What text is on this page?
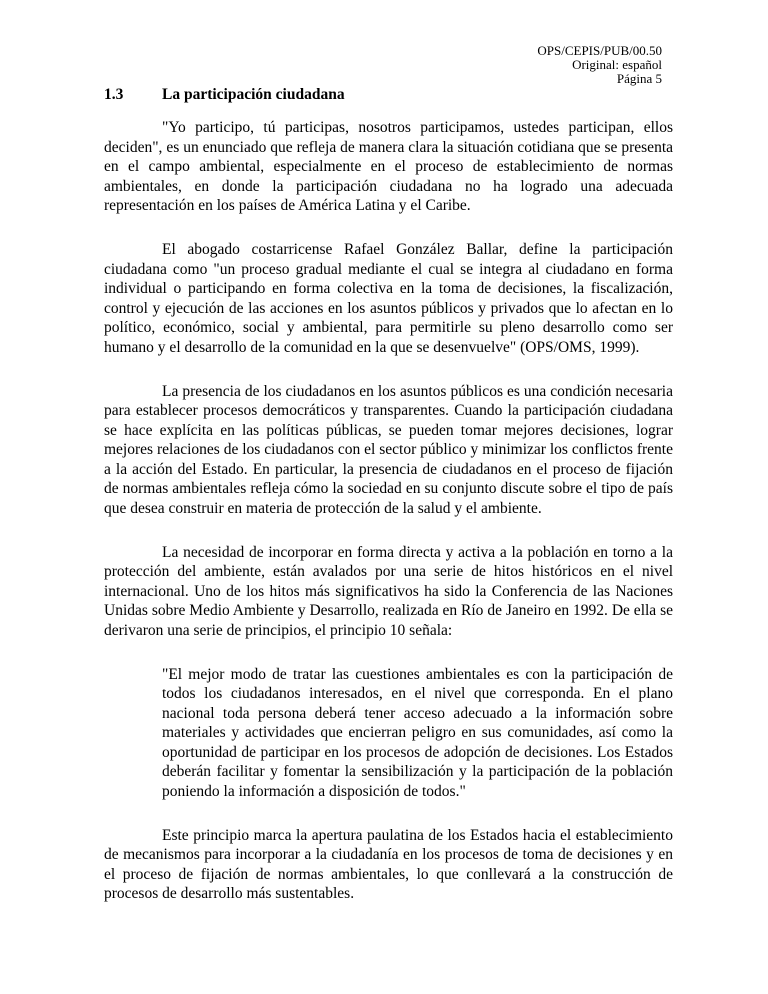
OPS/CEPIS/PUB/00.50
Original: español
Página 5
1.3 La participación ciudadana

"Yo participo, tú participas, nosotros participamos, ustedes participan, ellos deciden", es un enunciado que refleja de manera clara la situación cotidiana que se presenta en el campo ambiental, especialmente en el proceso de establecimiento de normas ambientales, en donde la participación ciudadana no ha logrado una adecuada representación en los países de América Latina y el Caribe.

El abogado costarricense Rafael González Ballar, define la participación ciudadana como "un proceso gradual mediante el cual se integra al ciudadano en forma individual o participando en forma colectiva en la toma de decisiones, la fiscalización, control y ejecución de las acciones en los asuntos públicos y privados que lo afectan en lo político, económico, social y ambiental, para permitirle su pleno desarrollo como ser humano y el desarrollo de la comunidad en la que se desenvuelve" (OPS/OMS, 1999).

La presencia de los ciudadanos en los asuntos públicos es una condición necesaria para establecer procesos democráticos y transparentes. Cuando la participación ciudadana se hace explícita en las políticas públicas, se pueden tomar mejores decisiones, lograr mejores relaciones de los ciudadanos con el sector público y minimizar los conflictos frente a la acción del Estado. En particular, la presencia de ciudadanos en el proceso de fijación de normas ambientales refleja cómo la sociedad en su conjunto discute sobre el tipo de país que desea construir en materia de protección de la salud y el ambiente.

La necesidad de incorporar en forma directa y activa a la población en torno a la protección del ambiente, están avalados por una serie de hitos históricos en el nivel internacional. Uno de los hitos más significativos ha sido la Conferencia de las Naciones Unidas sobre Medio Ambiente y Desarrollo, realizada en Río de Janeiro en 1992. De ella se derivaron una serie de principios, el principio 10 señala:

"El mejor modo de tratar las cuestiones ambientales es con la participación de todos los ciudadanos interesados, en el nivel que corresponda. En el plano nacional toda persona deberá tener acceso adecuado a la información sobre materiales y actividades que encierran peligro en sus comunidades, así como la oportunidad de participar en los procesos de adopción de decisiones. Los Estados deberán facilitar y fomentar la sensibilización y la participación de la población poniendo la información a disposición de todos."

Este principio marca la apertura paulatina de los Estados hacia el establecimiento de mecanismos para incorporar a la ciudadanía en los procesos de toma de decisiones y en el proceso de fijación de normas ambientales, lo que conllevará a la construcción de procesos de desarrollo más sustentables.
